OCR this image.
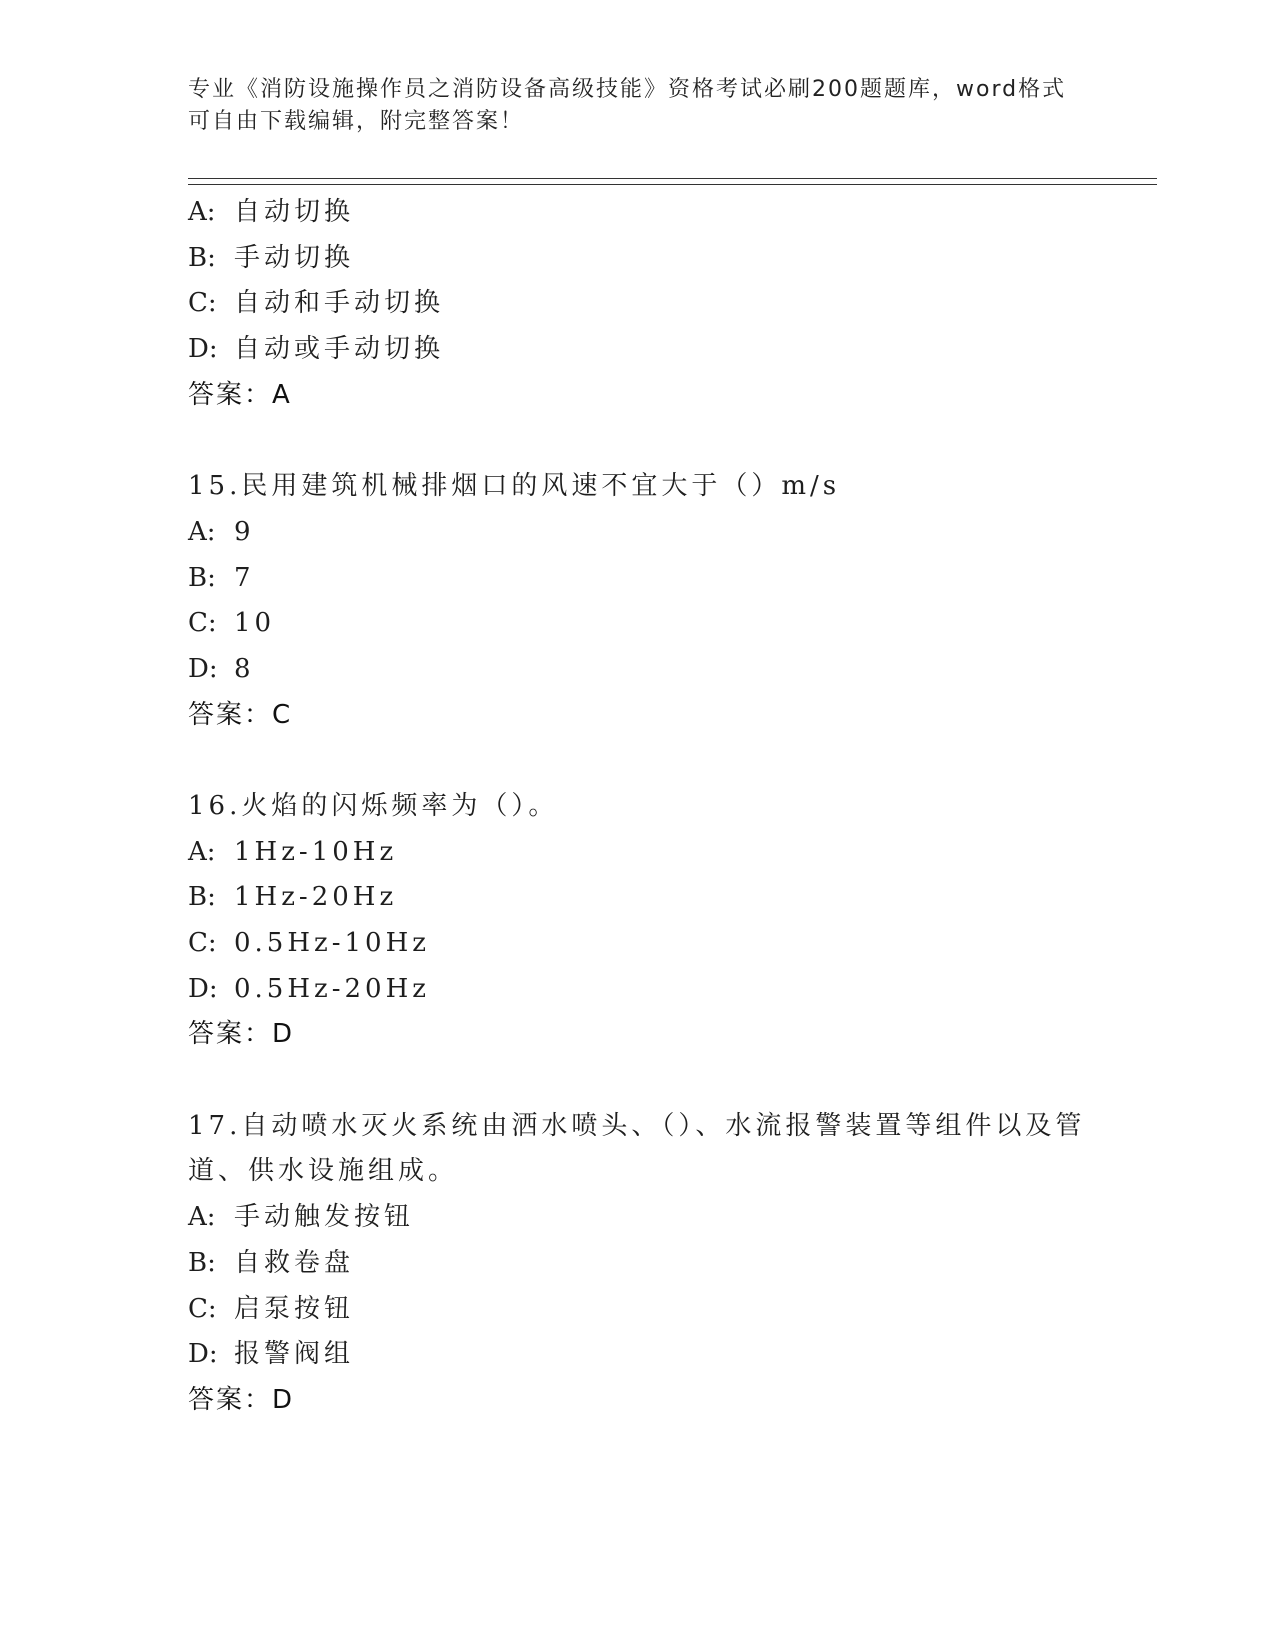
专业《消防设施操作员之消防设备高级技能》资格考试必刷200题题库，word格式可自由下载编辑，附完整答案！
A: 自动切换
B: 手动切换
C: 自动和手动切换
D: 自动或手动切换
答案：A
15.民用建筑机械排烟口的风速不宜大于（）m/s
A: 9
B: 7
C: 10
D: 8
答案：C
16.火焰的闪烁频率为（）。
A: 1Hz-10Hz
B: 1Hz-20Hz
C: 0.5Hz-10Hz
D: 0.5Hz-20Hz
答案：D
17.自动喷水灭火系统由洒水喷头、（）、水流报警装置等组件以及管道、供水设施组成。
A: 手动触发按钮
B: 自救卷盘
C: 启泵按钮
D: 报警阀组
答案：D
